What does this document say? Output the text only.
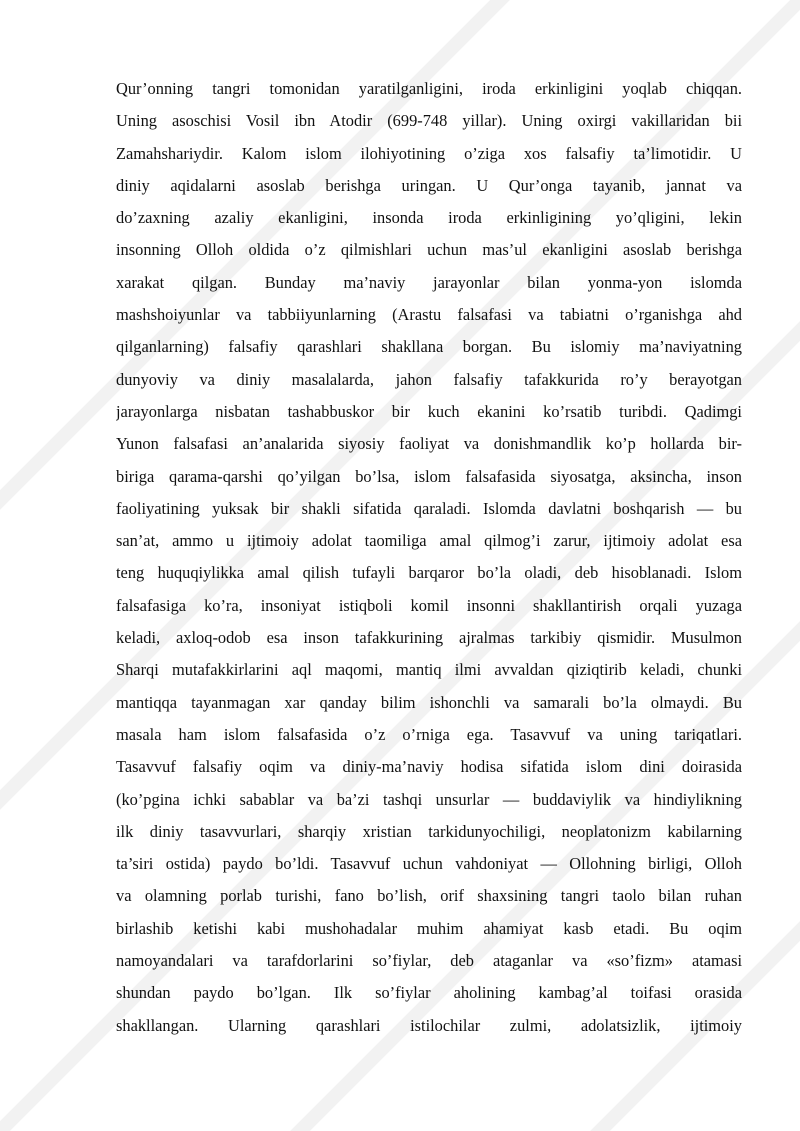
Qur’onning tangri tomonidan yaratilganligini, iroda erkinligini yoqlab chiqqan.
Uning asoschisi Vosil ibn Atodir (699-748 yillar). Uning oxirgi vakillaridan bii
Zamahshariydir. Kalom islom ilohiyotining o’ziga xos falsafiy ta’limotidir. U
diniy aqidalarni asoslab berishga uringan. U Qur’onga tayanib, jannat va
do’zaxning azaliy ekanligini, insonda iroda erkinligining yo’qligini, lekin
insonning Olloh oldida o’z qilmishlari uchun mas’ul ekanligini asoslab berishga
xarakat qilgan. Bunday ma’naviy jarayonlar bilan yonma-yon islomda
mashshoiyunlar va tabbiiyunlarning (Arastu falsafasi va tabiatni o’rganishga ahd
qilganlarning) falsafiy qarashlari shakllana borgan. Bu islomiy ma’naviyatning
dunyoviy va diniy masalalarda, jahon falsafiy tafakkurida ro’y berayotgan
jarayonlarga nisbatan tashabbuskor bir kuch ekanini ko’rsatib turibdi. Qadimgi
Yunon falsafasi an’analarida siyosiy faoliyat va donishmandlik ko’p hollarda bir-
biriga qarama-qarshi qo’yilgan bo’lsa, islom falsafasida siyosatga, aksincha, inson
faoliyatining yuksak bir shakli sifatida qaraladi. Islomda davlatni boshqarish — bu
san’at, ammo u ijtimoiy adolat taomiliga amal qilmog’i zarur, ijtimoiy adolat esa
teng huquqiylikka amal qilish tufayli barqaror bo’la oladi, deb hisoblanadi. Islom
falsafasiga ko’ra, insoniyat istiqboli komil insonni shakllantirish orqali yuzaga
keladi, axloq-odob esa inson tafakkurining ajralmas tarkibiy qismidir. Musulmon
Sharqi mutafakkirlarini aql maqomi, mantiq ilmi avvaldan qiziqtirib keladi, chunki
mantiqqa tayanmagan xar qanday bilim ishonchli va samarali bo’la olmaydi. Bu
masala ham islom falsafasida o’z o’rniga ega. Tasavvuf va uning tariqatlari.
Tasavvuf falsafiy oqim va diniy-ma’naviy hodisa sifatida islom dini doirasida
(ko’pgina ichki sabablar va ba’zi tashqi unsurlar — buddaviylik va hindiylikning
ilk diniy tasavvurlari, sharqiy xristian tarkidunyochiligi, neoplatonizm kabilarning
ta’siri ostida) paydo bo’ldi. Tasavvuf uchun vahdoniyat — Ollohning birligi, Olloh
va olamning porlab turishi, fano bo’lish, orif shaxsining tangri taolo bilan ruhan
birlashib ketishi kabi mushohadalar muhim ahamiyat kasb etadi. Bu oqim
namoyandalari va tarafdorlarini so’fiylar, deb ataganlar va «so’fizm» atamasi
shundan paydo bo’lgan. Ilk so’fiylar aholining kambag’al toifasi orasida
shakllangan. Ularning qarashlari istilochilar zulmi, adolatsizlik, ijtimoiy
